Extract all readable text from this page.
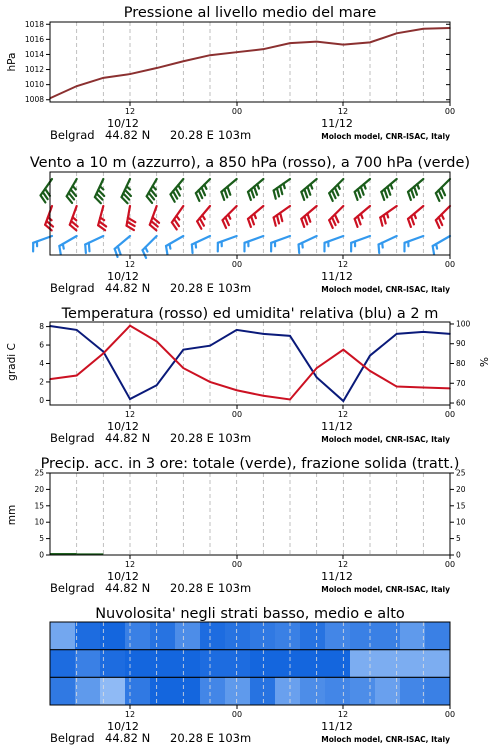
Pressione al livello medio del mare
1008
1010
1012
1014
1016
1018
hPa
12	00	12	00
10/12	11/12
Belgrad 44.82 N 20.28 E 103m	Moloch model, CNR-ISAC, Italy
Vento a 10 m (azzurro), a 850 hPa (rosso), a 700 hPa (verde)
12	00	12	00
10/12	11/12
Belgrad 44.82 N 20.28 E 103m	Moloch model, CNR-ISAC, Italy
Temperatura (rosso) ed umidita' relativa (blu) a 2 m
0
2
4
6
8
60
70
80
90
100
gradi C	%
12	00	12	00
10/12	11/12
Belgrad 44.82 N 20.28 E 103m	Moloch model, CNR-ISAC, Italy
Precip. acc. in 3 ore: totale (verde), frazione solida (tratt.)
0
5
10
15
20
25
0
5
10
15
20
25
mm
12	00	12	00
10/12	11/12
Belgrad 44.82 N 20.28 E 103m	Moloch model, CNR-ISAC, Italy
Nuvolosita' negli strati basso, medio e alto
12	00	12	00
10/12	11/12
Belgrad 44.82 N 20.28 E 103m	Moloch model, CNR-ISAC, Italy
